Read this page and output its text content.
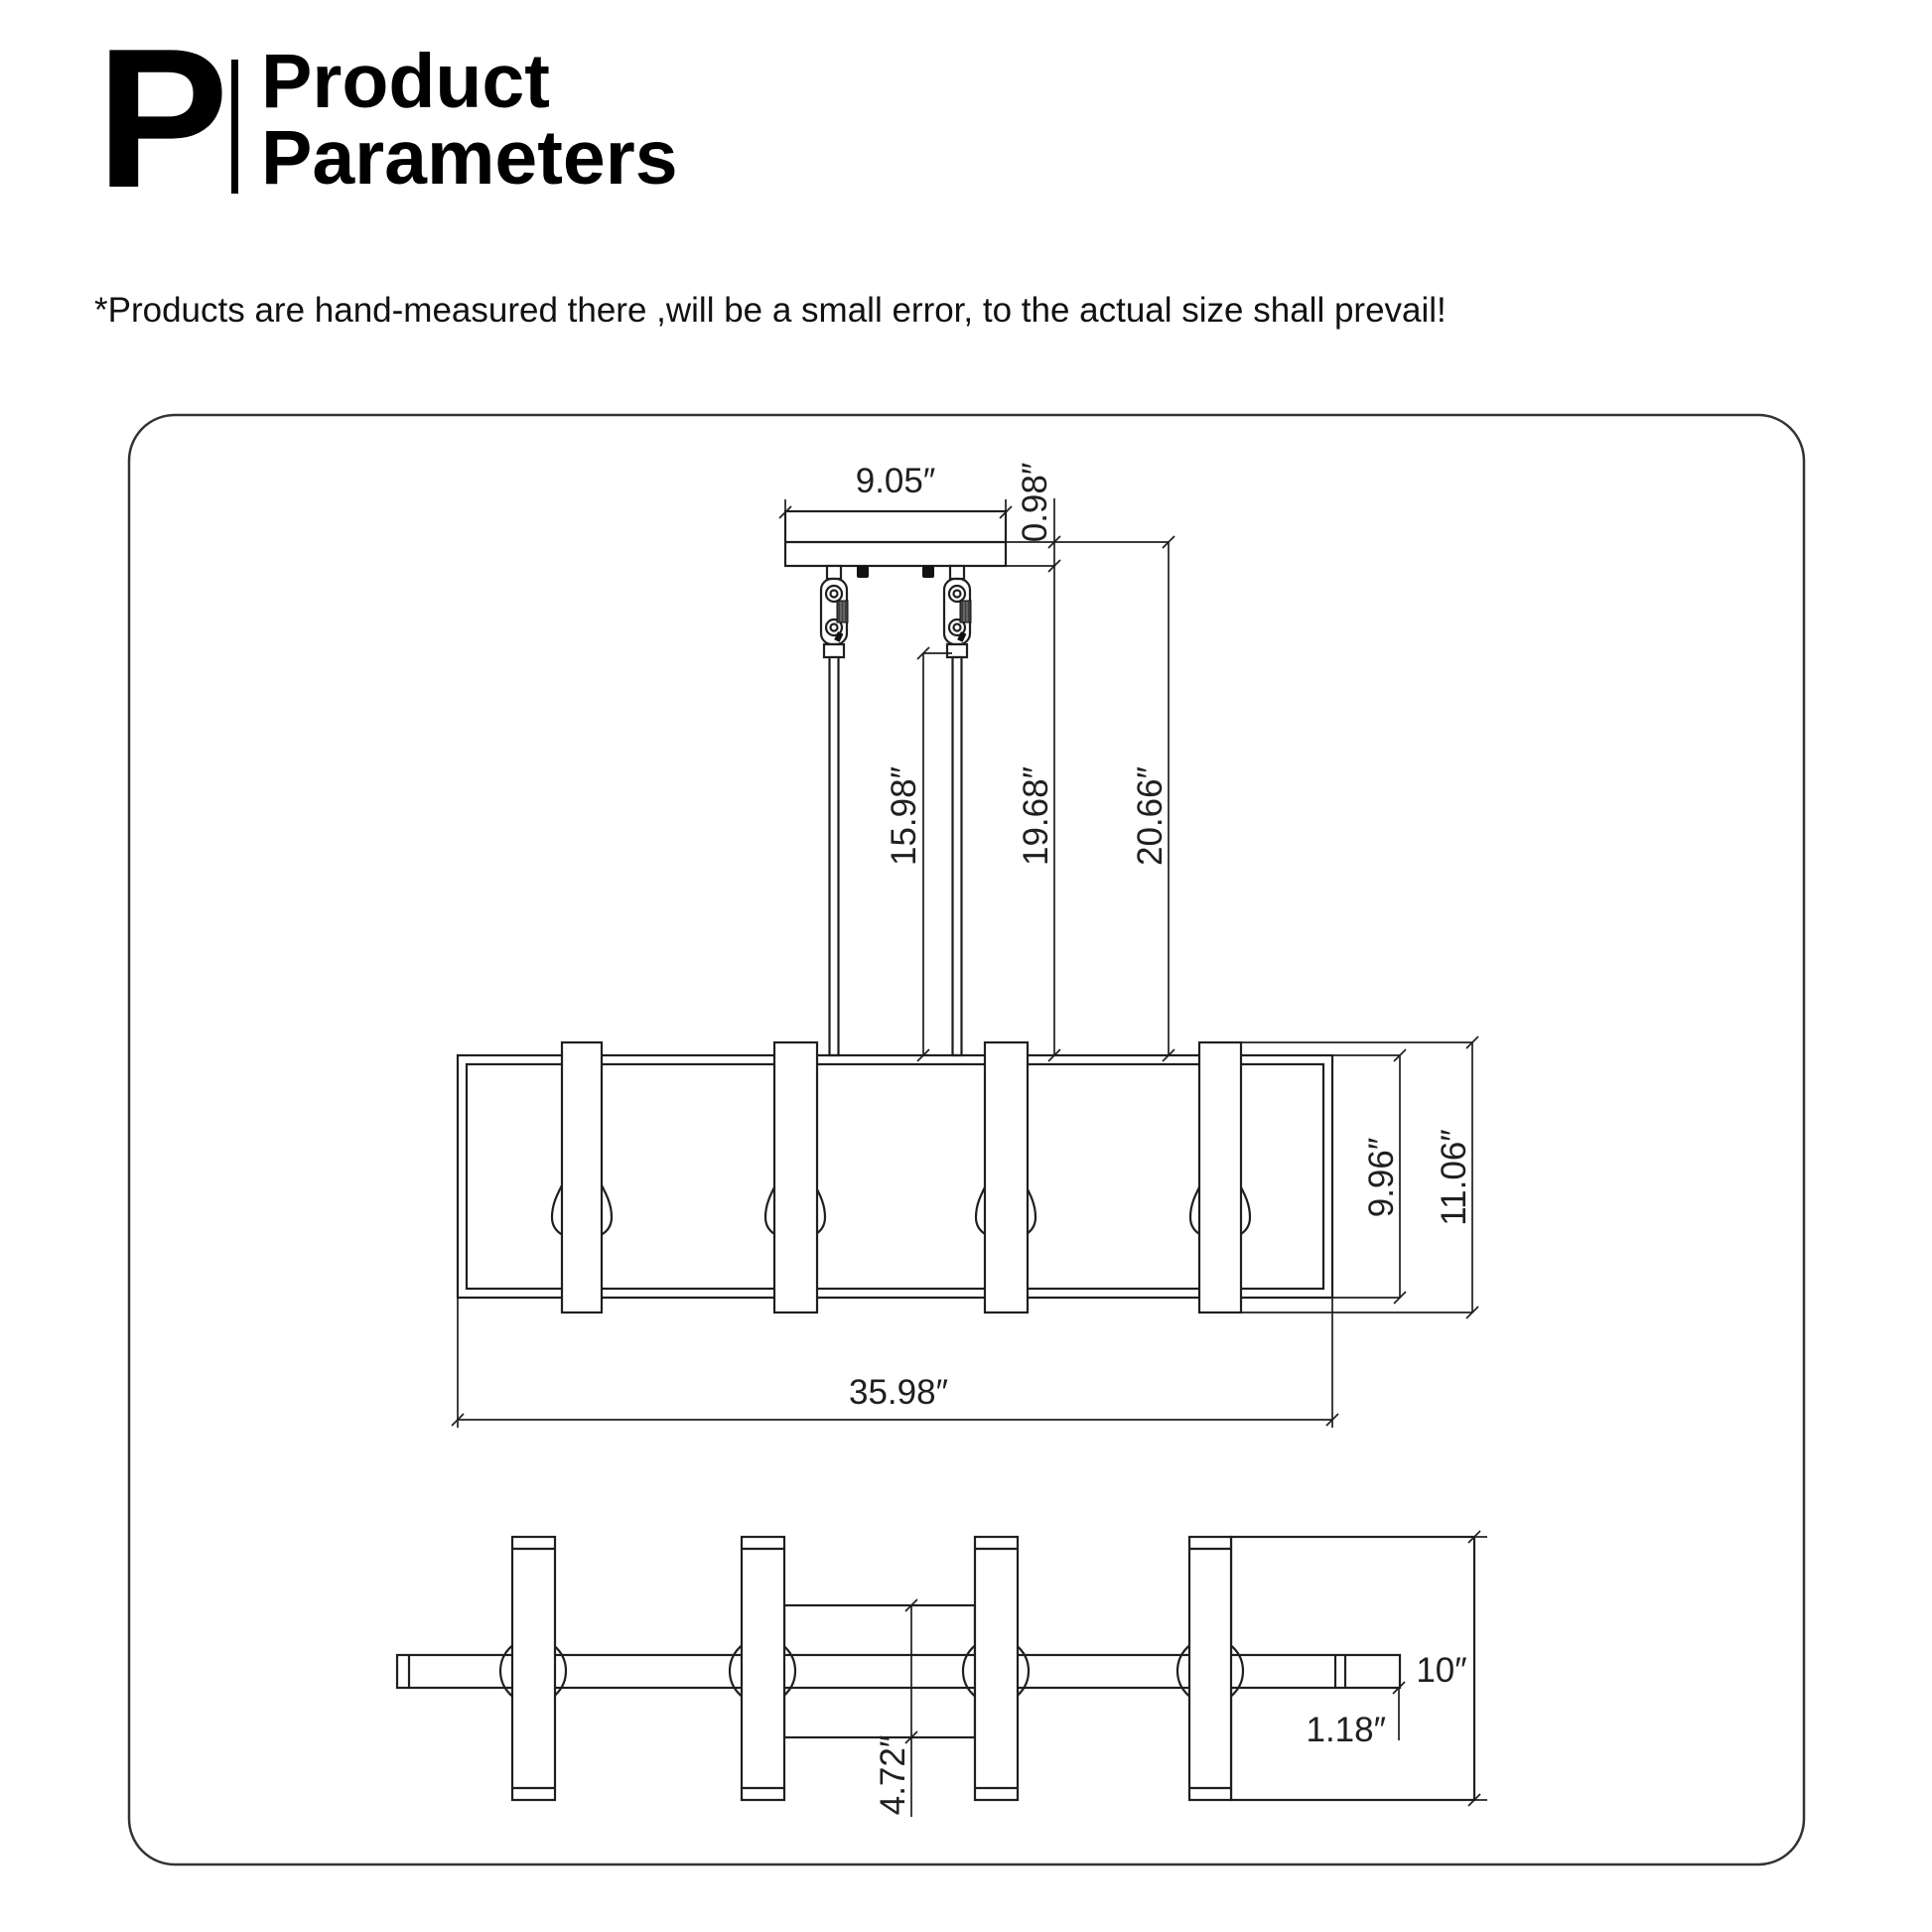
P Product
Parameters
*Products are hand-measured there ,will be a small error, to the actual size shall prevail!
9.05″ 0.98″
15.98″	19.68″ 20.66″
9.96″ 11.06″
35.98″
4.72″
10″
1.18″
